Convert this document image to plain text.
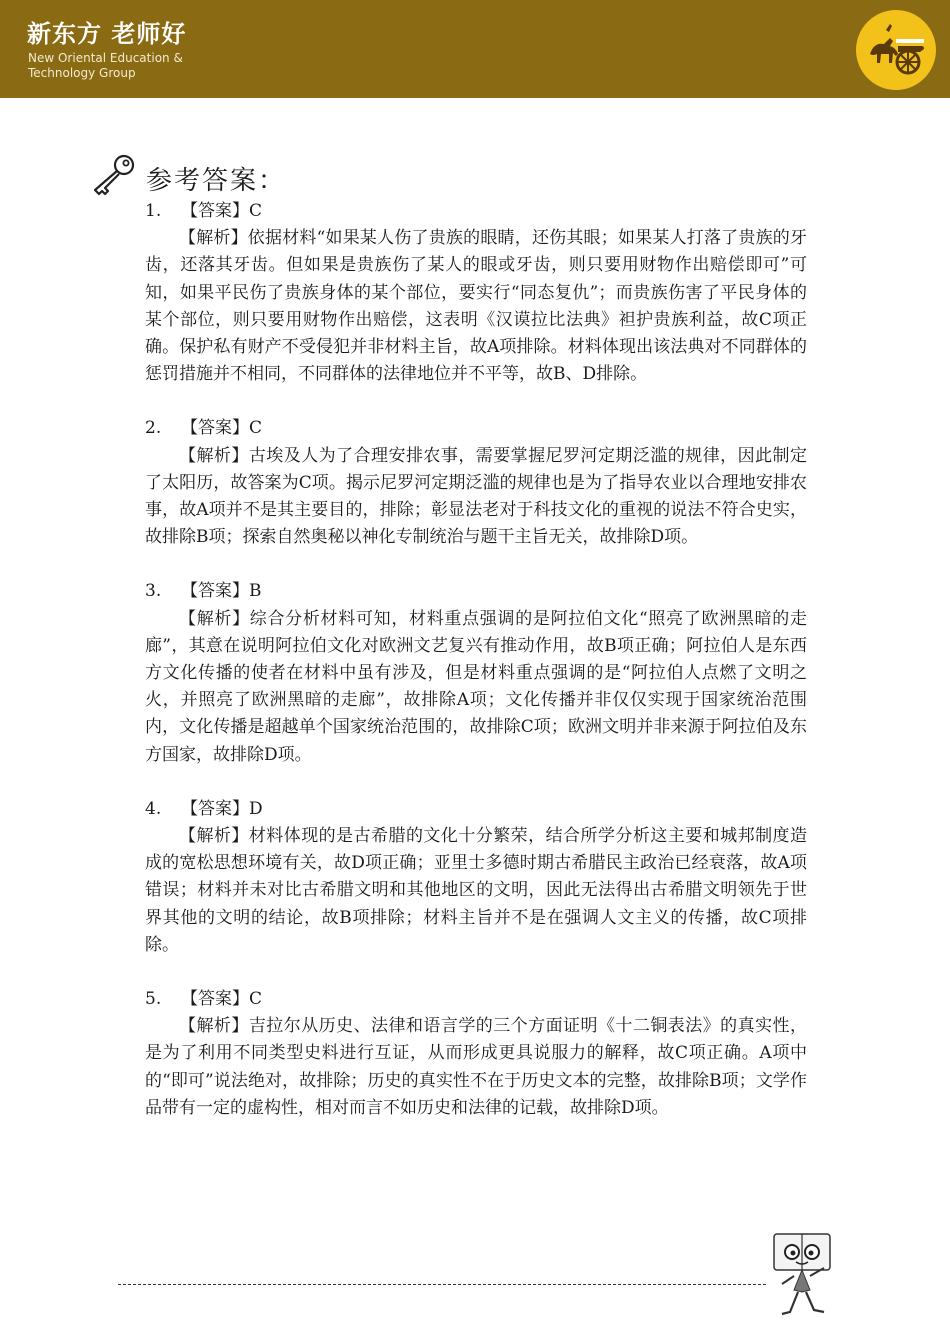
新东方 老师好
New Oriental Education &
Technology Group
参考答案：
1. 【答案】C

【解析】依据材料“如果某人伤了贵族的眼睛，还伤其眼；如果某人打落了贵族的牙齿，还落其牙齿。但如果是贵族伤了某人的眼或牙齿，则只要用财物作出赔偿即可”可知，如果平民伤了贵族身体的某个部位，要实行“同态复仇”；而贵族伤害了平民身体的某个部位，则只要用财物作出赔偿，这表明《汉谟拉比法典》袒护贵族利益，故C项正确。保护私有财产不受侵犯并非材料主旨，故A项排除。材料体现出该法典对不同群体的惩罚措施并不相同，不同群体的法律地位并不平等，故B、D排除。

2. 【答案】C

【解析】古埃及人为了合理安排农事，需要掌握尼罗河定期泛滥的规律，因此制定了太阳历，故答案为C项。揭示尼罗河定期泛滥的规律也是为了指导农业以合理地安排农事，故A项并不是其主要目的，排除；彰显法老对于科技文化的重视的说法不符合史实，故排除B项；探索自然奥秘以神化专制统治与题干主旨无关，故排除D项。

3. 【答案】B

【解析】综合分析材料可知，材料重点强调的是阿拉伯文化“照亮了欧洲黑暗的走廊”，其意在说明阿拉伯文化对欧洲文艺复兴有推动作用，故B项正确；阿拉伯人是东西方文化传播的使者在材料中虽有涉及，但是材料重点强调的是“阿拉伯人点燃了文明之火，并照亮了欧洲黑暗的走廊”，故排除A项；文化传播并非仅仅实现于国家统治范围内，文化传播是超越单个国家统治范围的，故排除C项；欧洲文明并非来源于阿拉伯及东方国家，故排除D项。

4. 【答案】D

【解析】材料体现的是古希腊的文化十分繁荣，结合所学分析这主要和城邦制度造成的宽松思想环境有关，故D项正确；亚里士多德时期古希腊民主政治已经衰落，故A项错误；材料并未对比古希腊文明和其他地区的文明，因此无法得出古希腊文明领先于世界其他的文明的结论，故B项排除；材料主旨并不是在强调人文主义的传播，故C项排除。

5. 【答案】C

【解析】吉拉尔从历史、法律和语言学的三个方面证明《十二铜表法》的真实性，是为了利用不同类型史料进行互证，从而形成更具说服力的解释，故C项正确。A项中的“即可”说法绝对，故排除；历史的真实性不在于历史文本的完整，故排除B项；文学作品带有一定的虚构性，相对而言不如历史和法律的记载，故排除D项。
